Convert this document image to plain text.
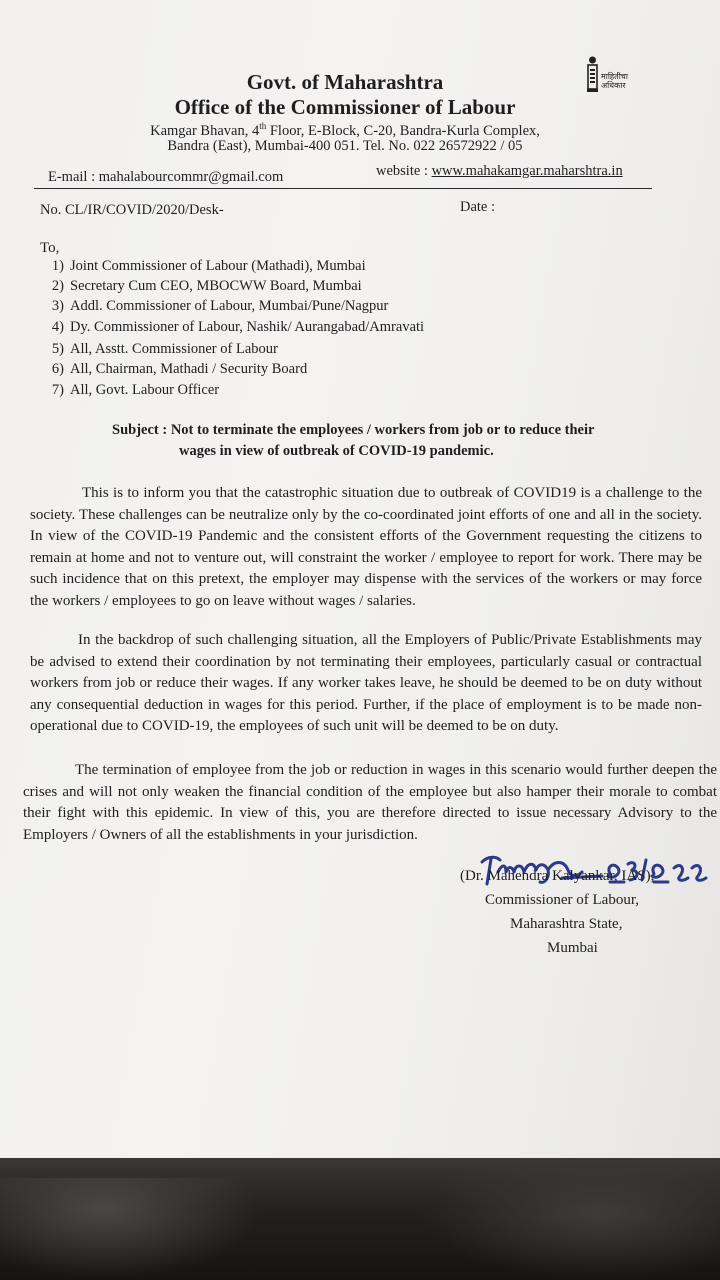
माहितीचा
अधिकार
Govt. of Maharashtra
Office of the Commissioner of Labour
Kamgar Bhavan, 4th Floor, E-Block, C-20, Bandra-Kurla Complex,
Bandra (East), Mumbai-400 051. Tel. No. 022 26572922 / 05
E-mail : mahalabourcommr@gmail.com	website : www.mahakamgar.maharshtra.in
No. CL/IR/COVID/2020/Desk-	Date :
To,
1) Joint Commissioner of Labour (Mathadi), Mumbai
2) Secretary Cum CEO, MBOCWW Board, Mumbai
3) Addl. Commissioner of Labour, Mumbai/Pune/Nagpur
4) Dy. Commissioner of Labour, Nashik/ Aurangabad/Amravati
5) All, Asstt. Commissioner of Labour
6) All, Chairman, Mathadi / Security Board
7) All, Govt. Labour Officer
Subject : Not to terminate the employees / workers from job or to reduce their
wages in view of outbreak of COVID-19 pandemic.
This is to inform you that the catastrophic situation due to outbreak of COVID19 is a challenge to the society. These challenges can be neutralize only by the co-coordinated joint efforts of one and all in the society. In view of the COVID-19 Pandemic and the consistent efforts of the Government requesting the citizens to remain at home and not to venture out, will constraint the worker / employee to report for work. There may be such incidence that on this pretext, the employer may dispense with the services of the workers or may force the workers / employees to go on leave without wages / salaries.
In the backdrop of such challenging situation, all the Employers of Public/Private Establishments may be advised to extend their coordination by not terminating their employees, particularly casual or contractual workers from job or reduce their wages. If any worker takes leave, he should be deemed to be on duty without any consequential deduction in wages for this period. Further, if the place of employment is to be made non-operational due to COVID-19, the employees of such unit will be deemed to be on duty.
The termination of employee from the job or reduction in wages in this scenario would further deepen the crises and will not only weaken the financial condition of the employee but also hamper their morale to combat their fight with this epidemic. In view of this, you are therefore directed to issue necessary Advisory to the Employers / Owners of all the establishments in your jurisdiction.
(Dr. Mahendra Kalyankar, IAS),
Commissioner of Labour,
Maharashtra State,
Mumbai
